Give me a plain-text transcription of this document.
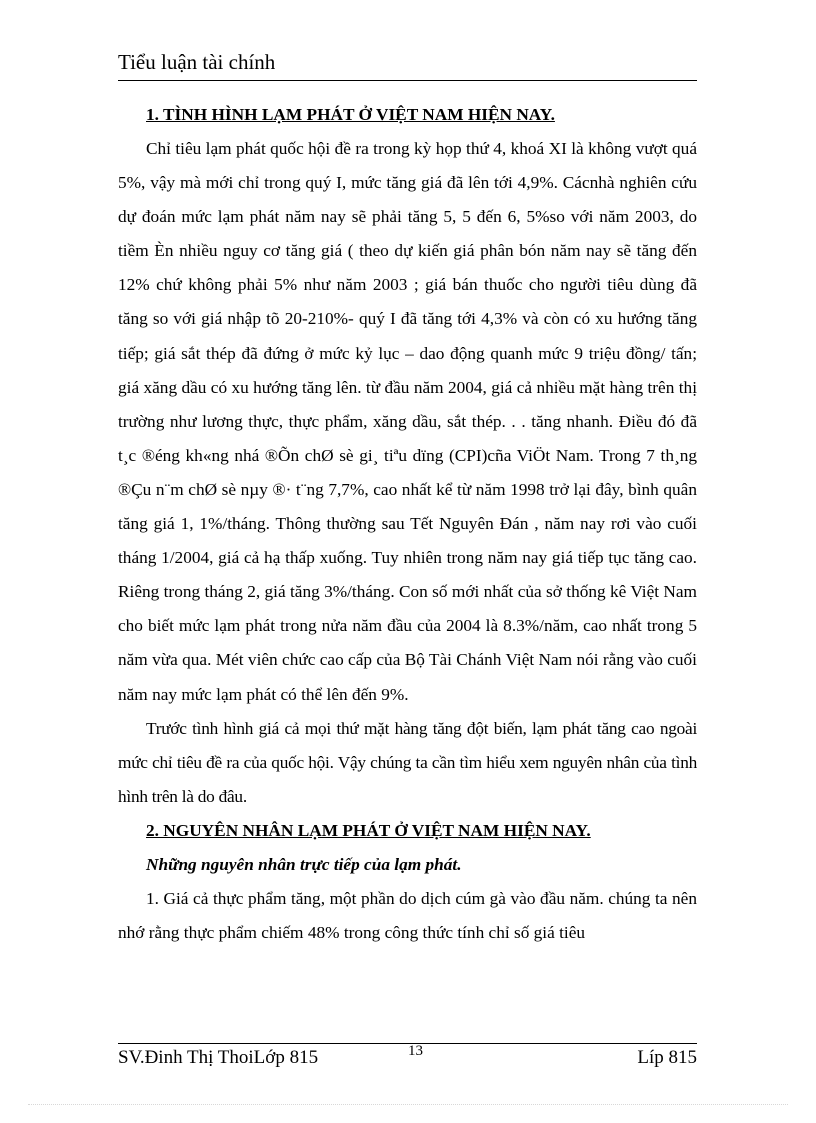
Tiểu luận tài chính

1. TÌNH HÌNH LẠM PHÁT Ở VIỆT NAM HIỆN NAY.

Chỉ tiêu lạm phát quốc hội đề ra trong kỳ họp thứ 4, khoá XI là không vượt quá 5%, vậy mà mới chỉ trong quý I, mức tăng giá đã lên tới 4,9%. Cácnhà nghiên cứu dự đoán mức lạm phát năm nay sẽ phải tăng 5, 5 đến 6, 5%so với năm 2003, do tiềm Èn nhiều nguy cơ tăng giá ( theo dự kiến giá phân bón năm nay sẽ tăng đến 12% chứ không phải 5% như năm 2003 ; giá bán thuốc cho người tiêu dùng đã tăng so với giá nhập tõ 20-210%- quý I đã tăng tới 4,3% và còn có xu hướng tăng tiếp; giá sắt thép đã đứng ở mức kỷ lục – dao động quanh mức 9 triệu đồng/ tấn; giá xăng dầu có xu hướng tăng lên. từ đầu năm 2004, giá cả nhiều mặt hàng trên thị trường như lương thực, thực phẩm, xăng dầu, sắt thép. . . tăng nhanh. Điều đó đã t¸c ®éng kh«ng nhá ®Õn chØ sè gi¸ tiªu dïng (CPI)cña ViÖt Nam. Trong 7 th¸ng ®Çu n¨m chØ sè nµy ®· t¨ng 7,7%, cao nhất kể từ năm 1998 trở lại đây, bình quân tăng giá 1, 1%/tháng. Thông thường sau Tết Nguyên Đán , năm nay rơi vào cuối tháng 1/2004, giá cả hạ thấp xuống. Tuy nhiên trong năm nay giá tiếp tục tăng cao. Riêng trong tháng 2, giá tăng 3%/tháng. Con số mới nhất của sở thống kê Việt Nam cho biết mức lạm phát trong nửa năm đầu của 2004 là 8.3%/năm, cao nhất trong 5 năm vừa qua. Mét viên chức cao cấp của Bộ Tài Chánh Việt Nam nói rằng vào cuối năm nay mức lạm phát có thể lên đến 9%.

Trước tình hình giá cả mọi thứ mặt hàng tăng đột biến, lạm phát tăng cao ngoài mức chỉ tiêu đề ra của quốc hội. Vậy chúng ta cần tìm hiểu xem nguyên nhân của tình hình trên là do đâu.

2. NGUYÊN NHÂN LẠM PHÁT Ở VIỆT NAM HIỆN NAY.

Những nguyên nhân trực tiếp của lạm phát.

1. Giá cả thực phẩm tăng, một phần do dịch cúm gà vào đầu năm. chúng ta nên nhớ rằng thực phẩm chiếm 48% trong công thức tính chỉ số giá tiêu

SV.Đinh Thị ThoiLớp 815	13	Líp 815
